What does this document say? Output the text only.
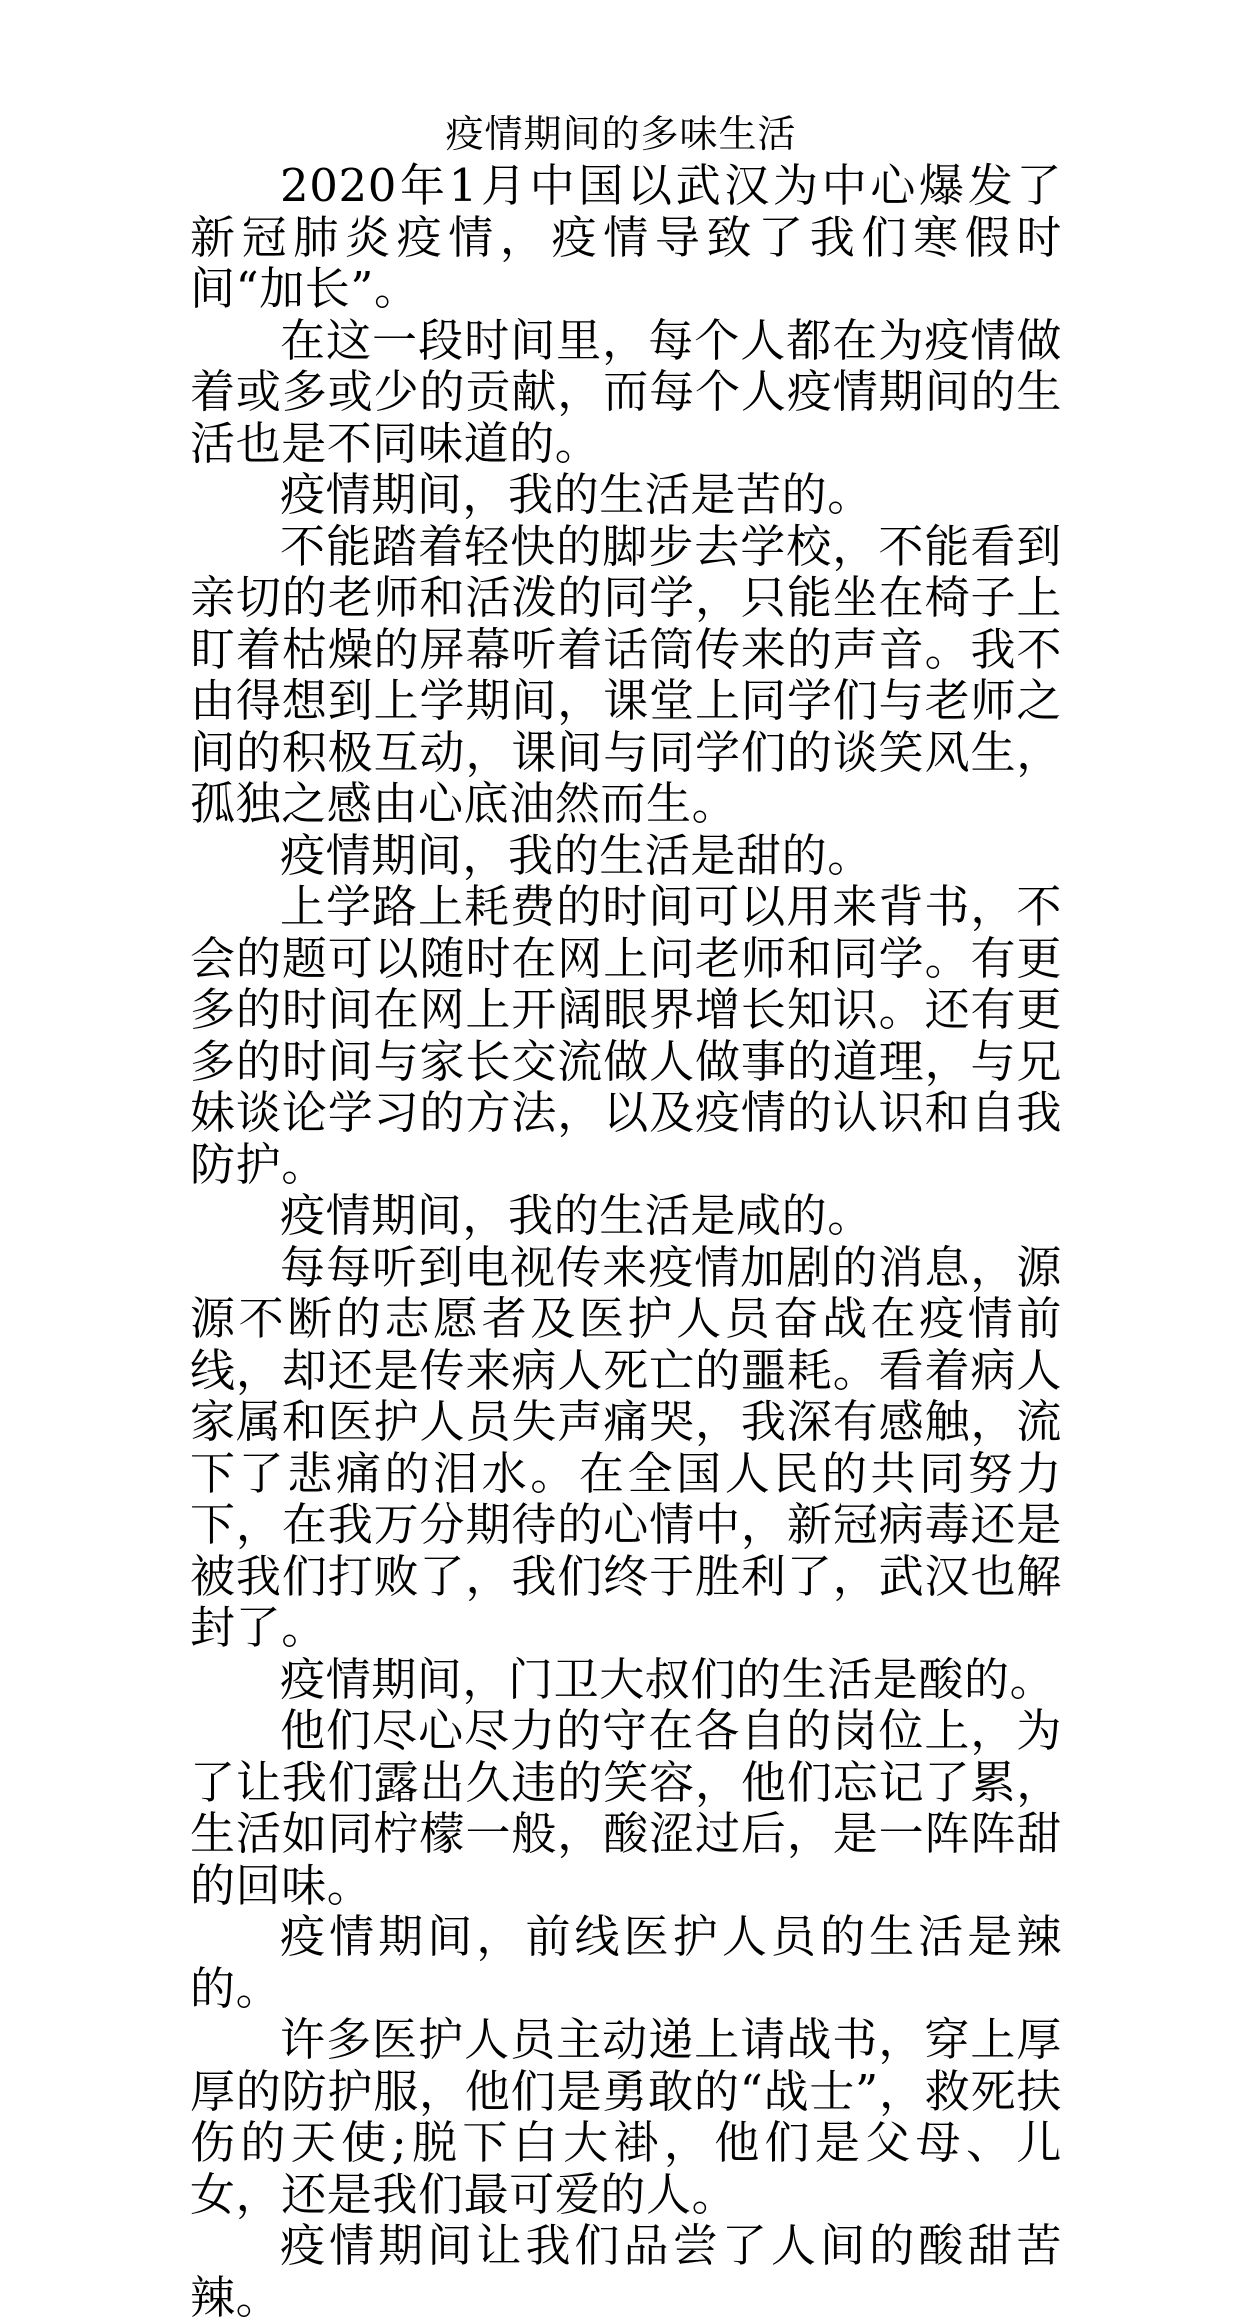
疫情期间的多味生活

2020年1月中国以武汉为中心爆发了新冠肺炎疫情，疫情导致了我们寒假时间“加长”。

在这一段时间里，每个人都在为疫情做着或多或少的贡献，而每个人疫情期间的生活也是不同味道的。

疫情期间，我的生活是苦的。

不能踏着轻快的脚步去学校，不能看到亲切的老师和活泼的同学，只能坐在椅子上盯着枯燥的屏幕听着话筒传来的声音。我不由得想到上学期间，课堂上同学们与老师之间的积极互动，课间与同学们的谈笑风生，孤独之感由心底油然而生。

疫情期间，我的生活是甜的。

上学路上耗费的时间可以用来背书，不会的题可以随时在网上问老师和同学。有更多的时间在网上开阔眼界增长知识。还有更多的时间与家长交流做人做事的道理，与兄妹谈论学习的方法，以及疫情的认识和自我防护。

疫情期间，我的生活是咸的。

每每听到电视传来疫情加剧的消息，源源不断的志愿者及医护人员奋战在疫情前线，却还是传来病人死亡的噩耗。看着病人家属和医护人员失声痛哭，我深有感触，流下了悲痛的泪水。在全国人民的共同努力下，在我万分期待的心情中，新冠病毒还是被我们打败了，我们终于胜利了，武汉也解封了。

疫情期间，门卫大叔们的生活是酸的。

他们尽心尽力的守在各自的岗位上，为了让我们露出久违的笑容，他们忘记了累，生活如同柠檬一般，酸涩过后，是一阵阵甜的回味。

疫情期间，前线医护人员的生活是辣的。

许多医护人员主动递上请战书，穿上厚厚的防护服，他们是勇敢的“战士”，救死扶伤的天使;脱下白大褂，他们是父母、儿女，还是我们最可爱的人。

疫情期间让我们品尝了人间的酸甜苦辣。
